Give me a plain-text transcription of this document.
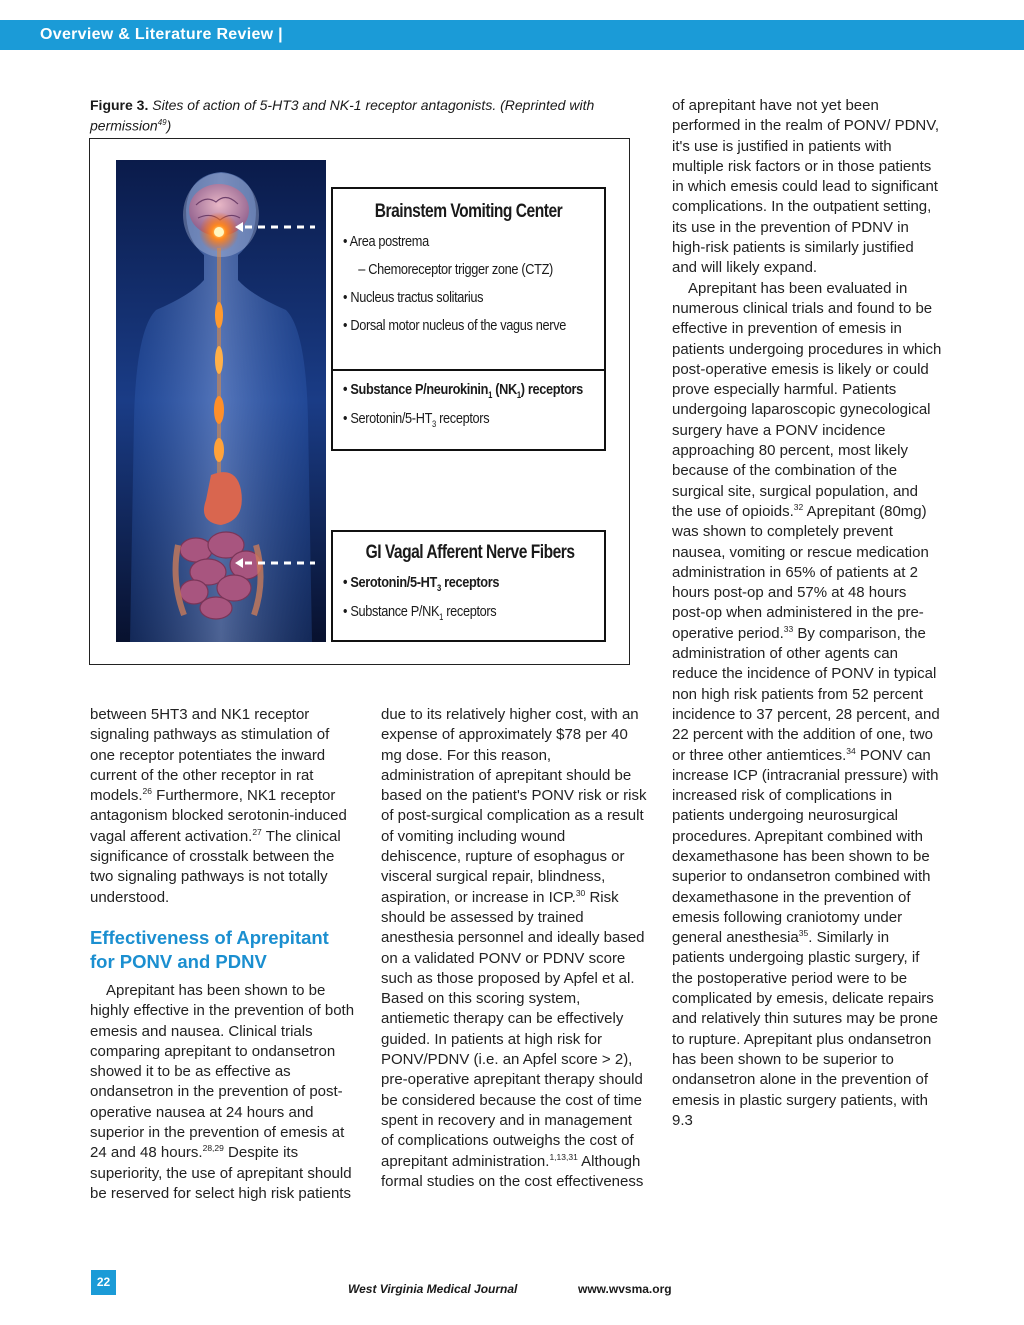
Overview & Literature Review |
Figure 3. Sites of action of 5-HT3 and NK-1 receptor antagonists. (Reprinted with permission$^{49}$)
Brainstem Vomiting Center
• Area postrema
– Chemoreceptor trigger zone (CTZ)
• Nucleus tractus solitarius
• Dorsal motor nucleus of the vagus nerve
• Substance P/neurokinin$_1$ $(NK_1)$ receptors
• Serotonin/$5-HT_3$ receptors
GI Vagal Afferent Nerve Fibers
• Serotonin/$5-HT_3$ receptors
• Substance $P/NK_1$ receptors

between 5HT3 and NK1 receptor signaling pathways as stimulation of one receptor potentiates the inward current of the other receptor in rat models.$^{26}$ Furthermore, NK1 receptor antagonism blocked serotonin-induced vagal afferent activation.$^{27}$ The clinical significance of crosstalk between the two signaling pathways is not totally understood.

Effectiveness of Aprepitant for PONV and PDNV

Aprepitant has been shown to be highly effective in the prevention of both emesis and nausea. Clinical trials comparing aprepitant to ondansetron showed it to be as effective as ondansetron in the prevention of post-operative nausea at 24 hours and superior in the prevention of emesis at 24 and 48 hours.$^{28,29}$ Despite its superiority, the use of aprepitant should be reserved for select high risk patients

due to its relatively higher cost, with an expense of approximately $78 per 40 mg dose. For this reason, administration of aprepitant should be based on the patient's PONV risk or risk of post-surgical complication as a result of vomiting including wound dehiscence, rupture of esophagus or visceral surgical repair, blindness, aspiration, or increase in ICP.$^{30}$ Risk should be assessed by trained anesthesia personnel and ideally based on a validated PONV or PDNV score such as those proposed by Apfel et al. Based on this scoring system, antiemetic therapy can be effectively guided. In patients at high risk for PONV/PDNV (i.e. an Apfel score > 2), pre-operative aprepitant therapy should be considered because the cost of time spent in recovery and in management of complications outweighs the cost of aprepitant administration.$^{1,13,31}$ Although formal studies on the cost effectiveness

of aprepitant have not yet been performed in the realm of PONV/ PDNV, it's use is justified in patients with multiple risk factors or in those patients in which emesis could lead to significant complications. In the outpatient setting, its use in the prevention of PDNV in high-risk patients is similarly justified and will likely expand.

Aprepitant has been evaluated in numerous clinical trials and found to be effective in prevention of emesis in patients undergoing procedures in which post-operative emesis is likely or could prove especially harmful. Patients undergoing laparoscopic gynecological surgery have a PONV incidence approaching 80 percent, most likely because of the combination of the surgical site, surgical population, and the use of opioids.$^{32}$ Aprepitant (80mg) was shown to completely prevent nausea, vomiting or rescue medication administration in 65% of patients at 2 hours post-op and 57% at 48 hours post-op when administered in the pre-operative period.$^{33}$ By comparison, the administration of other agents can reduce the incidence of PONV in typical non high risk patients from 52 percent incidence to 37 percent, 28 percent, and 22 percent with the addition of one, two or three other antiemtices.$^{34}$ PONV can increase ICP (intracranial pressure) with increased risk of complications in patients undergoing neurosurgical procedures. Aprepitant combined with dexamethasone has been shown to be superior to ondansetron combined with dexamethasone in the prevention of emesis following craniotomy under general anesthesia$^{35}$. Similarly in patients undergoing plastic surgery, if the postoperative period were to be complicated by emesis, delicate repairs and relatively thin sutures may be prone to rupture. Aprepitant plus ondansetron has been shown to be superior to ondansetron alone in the prevention of emesis in plastic surgery patients, with 9.3

22	West Virginia Medical Journal	www.wvsma.org
